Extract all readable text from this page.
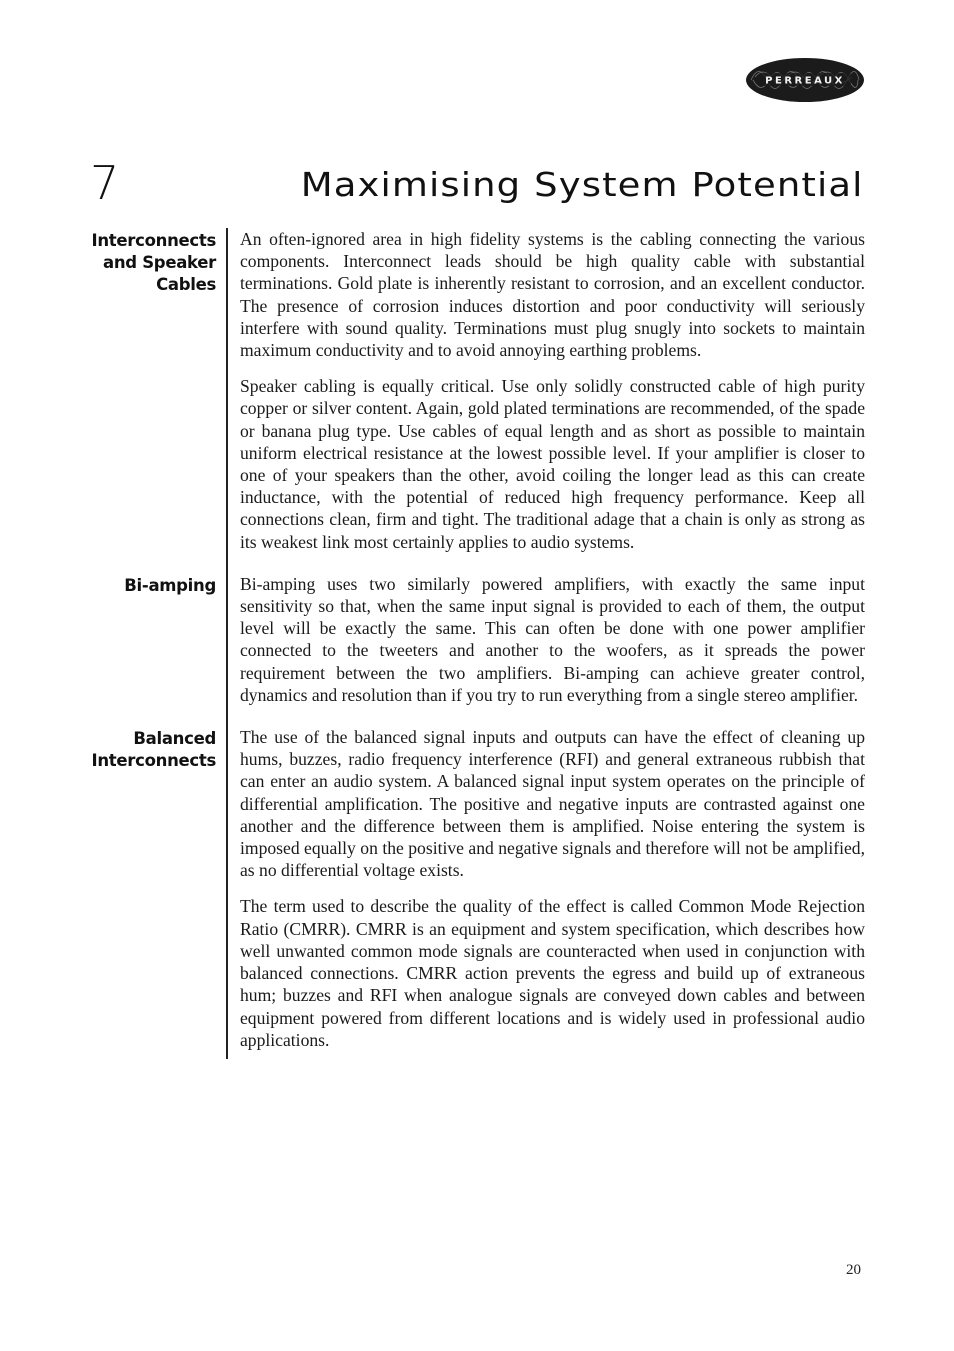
PERREAUX
7	Maximising System Potential
Interconnects
and Speaker
Cables

An often-ignored area in high fidelity systems is the cabling connecting the various components. Interconnect leads should be high quality cable with substantial terminations. Gold plate is inherently resistant to corrosion, and an excellent conductor. The presence of corrosion induces distortion and poor conductivity will seriously interfere with sound quality. Terminations must plug snugly into sockets to maintain maximum conductivity and to avoid annoying earthing problems.

Speaker cabling is equally critical. Use only solidly constructed cable of high purity copper or silver content. Again, gold plated terminations are recommended, of the spade or banana plug type. Use cables of equal length and as short as possible to maintain uniform electrical resistance at the lowest possible level. If your amplifier is closer to one of your speakers than the other, avoid coiling the longer lead as this can create inductance, with the potential of reduced high frequency performance. Keep all connections clean, firm and tight. The traditional adage that a chain is only as strong as its weakest link most certainly applies to audio systems.

Bi-amping Bi-amping uses two similarly powered amplifiers, with exactly the same input sensitivity so that, when the same input signal is provided to each of them, the output level will be exactly the same. This can often be done with one power amplifier connected to the tweeters and another to the woofers, as it spreads the power requirement between the two amplifiers. Bi-amping can achieve greater control, dynamics and resolution than if you try to run everything from a single stereo amplifier.

Balanced
Interconnects

The use of the balanced signal inputs and outputs can have the effect of cleaning up hums, buzzes, radio frequency interference (RFI) and general extraneous rubbish that can enter an audio system. A balanced signal input system operates on the principle of differential amplification. The positive and negative inputs are contrasted against one another and the difference between them is amplified. Noise entering the system is imposed equally on the positive and negative signals and therefore will not be amplified, as no differential voltage exists.

The term used to describe the quality of the effect is called Common Mode Rejection Ratio (CMRR). CMRR is an equipment and system specification, which describes how well unwanted common mode signals are counteracted when used in conjunction with balanced connections. CMRR action prevents the egress and build up of extraneous hum; buzzes and RFI when analogue signals are conveyed down cables and between equipment powered from different locations and is widely used in professional audio applications.

20
